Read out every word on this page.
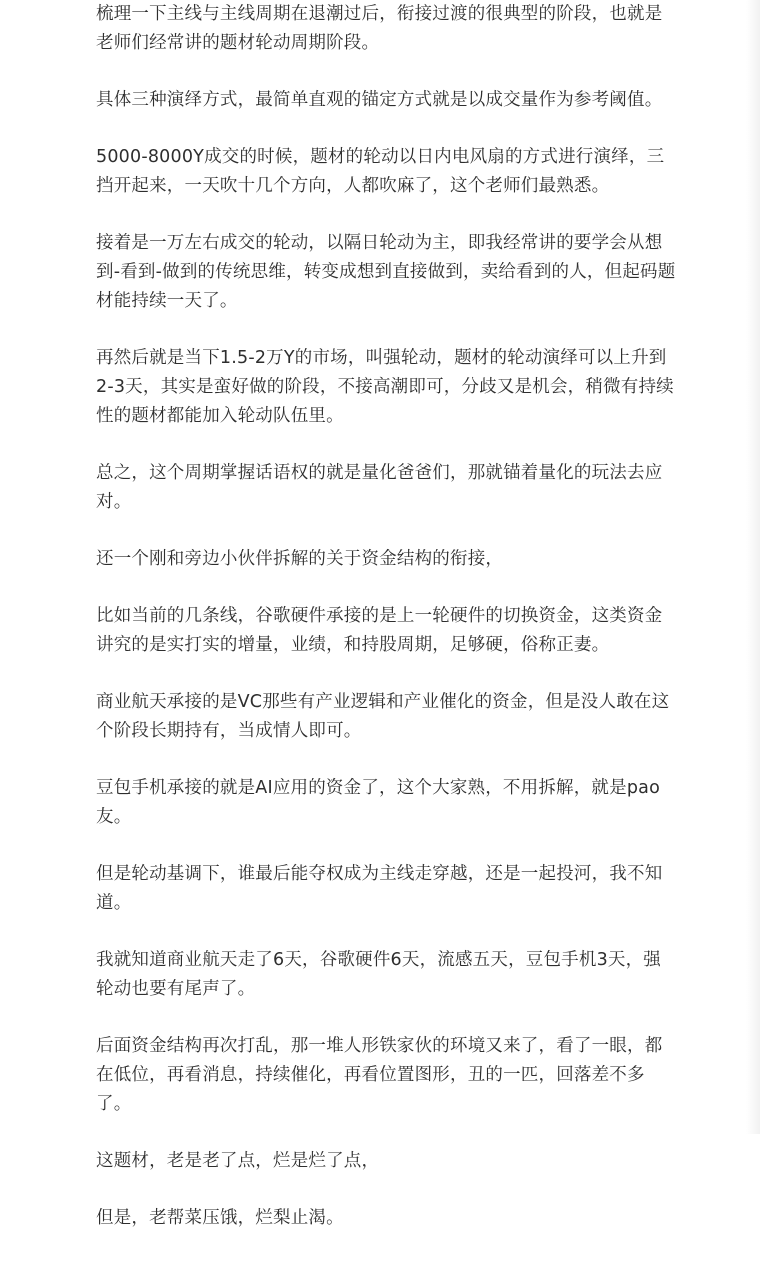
梳理一下主线与主线周期在退潮过后，衔接过渡的很典型的阶段，也就是老师们经常讲的题材轮动周期阶段。

具体三种演绎方式，最简单直观的锚定方式就是以成交量作为参考阈值。

5000-8000Y成交的时候，题材的轮动以日内电风扇的方式进行演绎，三挡开起来，一天吹十几个方向，人都吹麻了，这个老师们最熟悉。

接着是一万左右成交的轮动，以隔日轮动为主，即我经常讲的要学会从想到-看到-做到的传统思维，转变成想到直接做到，卖给看到的人，但起码题材能持续一天了。

再然后就是当下1.5-2万Y的市场，叫强轮动，题材的轮动演绎可以上升到2-3天，其实是蛮好做的阶段，不接高潮即可，分歧又是机会，稍微有持续性的题材都能加入轮动队伍里。

总之，这个周期掌握话语权的就是量化爸爸们，那就锚着量化的玩法去应对。

还一个刚和旁边小伙伴拆解的关于资金结构的衔接，

比如当前的几条线，谷歌硬件承接的是上一轮硬件的切换资金，这类资金讲究的是实打实的增量，业绩，和持股周期，足够硬，俗称正妻。

商业航天承接的是VC那些有产业逻辑和产业催化的资金，但是没人敢在这个阶段长期持有，当成情人即可。

豆包手机承接的就是AI应用的资金了，这个大家熟，不用拆解，就是pao友。

但是轮动基调下，谁最后能夺权成为主线走穿越，还是一起投河，我不知道。

我就知道商业航天走了6天，谷歌硬件6天，流感五天，豆包手机3天，强轮动也要有尾声了。

后面资金结构再次打乱，那一堆人形铁家伙的环境又来了，看了一眼，都在低位，再看消息，持续催化，再看位置图形，丑的一匹，回落差不多了。

这题材，老是老了点，烂是烂了点，

但是，老帮菜压饿，烂梨止渴。
